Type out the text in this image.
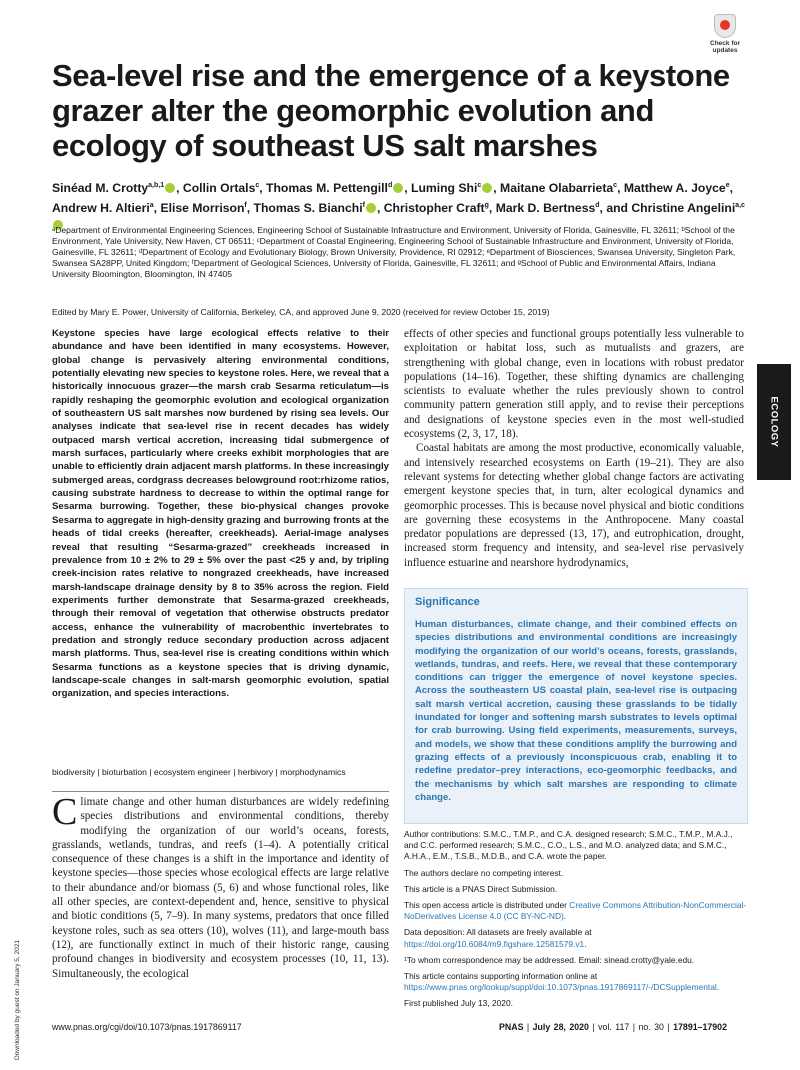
Check for updates
Sea-level rise and the emergence of a keystone grazer alter the geomorphic evolution and ecology of southeast US salt marshes
Sinéad M. Crotty$^{a,b,1}$ , Collin Ortals$^c$, Thomas M. Pettengill$^d$ , Luming Shi$^c$ , Maitane Olabarrieta$^c$, Matthew A. Joyce$^e$, Andrew H. Altieri$^a$, Elise Morrison$^f$, Thomas S. Bianchi$^f$ , Christopher Craft$^g$, Mark D. Bertness$^d$, and Christine Angelini$^{a,c}$

ᵃDepartment of Environmental Engineering Sciences, Engineering School of Sustainable Infrastructure and Environment, University of Florida, Gainesville, FL 32611; ᵇSchool of the Environment, Yale University, New Haven, CT 06511; ᶜDepartment of Coastal Engineering, Engineering School of Sustainable Infrastructure and Environment, University of Florida, Gainesville, FL 32611; ᵈDepartment of Ecology and Evolutionary Biology, Brown University, Providence, RI 02912; ᵉDepartment of Biosciences, Swansea University, Singleton Park, Swansea SA28PP, United Kingdom; ᶠDepartment of Geological Sciences, University of Florida, Gainesville, FL 32611; and ᵍSchool of Public and Environmental Affairs, Indiana University Bloomington, Bloomington, IN 47405

Edited by Mary E. Power, University of California, Berkeley, CA, and approved June 9, 2020 (received for review October 15, 2019)

Keystone species have large ecological effects relative to their abundance and have been identified in many ecosystems. However, global change is pervasively altering environmental conditions, potentially elevating new species to keystone roles. Here, we reveal that a historically innocuous grazer—the marsh crab Sesarma reticulatum—is rapidly reshaping the geomorphic evolution and ecological organization of southeastern US salt marshes now burdened by rising sea levels. Our analyses indicate that sea-level rise in recent decades has widely outpaced marsh vertical accretion, increasing tidal submergence of marsh surfaces, particularly where creeks exhibit morphologies that are unable to efficiently drain adjacent marsh platforms. In these increasingly submerged areas, cordgrass decreases belowground root:rhizome ratios, causing substrate hardness to decrease to within the optimal range for Sesarma burrowing. Together, these bio-physical changes provoke Sesarma to aggregate in high-density grazing and burrowing fronts at the heads of tidal creeks (hereafter, creekheads). Aerial-image analyses reveal that resulting “Sesarma-grazed” creekheads increased in prevalence from 10 ± 2% to 29 ± 5% over the past <25 y and, by tripling creek-incision rates relative to nongrazed creekheads, have increased marsh-landscape drainage density by 8 to 35% across the region. Field experiments further demonstrate that Sesarma-grazed creekheads, through their removal of vegetation that otherwise obstructs predator access, enhance the vulnerability of macrobenthic invertebrates to predation and strongly reduce secondary production across adjacent marsh platforms. Thus, sea-level rise is creating conditions within which Sesarma functions as a keystone species that is driving dynamic, landscape-scale changes in salt-marsh geomorphic evolution, spatial organization, and species interactions.

biodiversity | bioturbation | ecosystem engineer | herbivory | morphodynamics

Climate change and other human disturbances are widely redefining species distributions and environmental conditions, thereby modifying the organization of our world’s oceans, forests, grasslands, wetlands, tundras, and reefs (1–4). A potentially critical consequence of these changes is a shift in the importance and identity of keystone species—those species whose ecological effects are large relative to their abundance and/or biomass (5, 6) and whose functional roles, like all other species, are context-dependent and, hence, sensitive to physical and biotic conditions (5, 7–9). In many systems, predators that once filled keystone roles, such as sea otters (10), wolves (11), and large-mouth bass (12), are functionally extinct in much of their historic range, causing profound changes in biodiversity and ecosystem processes (10, 11, 13). Simultaneously, the ecological

effects of other species and functional groups potentially less vulnerable to exploitation or habitat loss, such as mutualists and grazers, are strengthening with global change, even in locations with robust predator populations (14–16). Together, these shifting dynamics are challenging scientists to evaluate whether the rules previously shown to control community pattern generation still apply, and to revise their perceptions and designations of keystone species even in the most well-studied ecosystems (2, 3, 17, 18).

Coastal habitats are among the most productive, economically valuable, and intensively researched ecosystems on Earth (19–21). They are also relevant systems for detecting whether global change factors are activating emergent keystone species that, in turn, alter ecological dynamics and geomorphic processes. This is because novel physical and biotic conditions are governing these ecosystems in the Anthropocene. Many coastal predator populations are depressed (13, 17), and eutrophication, drought, increased storm frequency and intensity, and sea-level rise pervasively influence estuarine and nearshore hydrodynamics,

Significance

Human disturbances, climate change, and their combined effects on species distributions and environmental conditions are increasingly modifying the organization of our world’s oceans, forests, grasslands, wetlands, tundras, and reefs. Here, we reveal that these contemporary conditions can trigger the emergence of novel keystone species. Across the southeastern US coastal plain, sea-level rise is outpacing salt marsh vertical accretion, causing these grasslands to be tidally inundated for longer and softening marsh substrates to levels optimal for crab burrowing. Using field experiments, measurements, surveys, and models, we show that these conditions amplify the burrowing and grazing effects of a previously inconspicuous crab, enabling it to redefine predator–prey interactions, eco-geomorphic feedbacks, and the mechanisms by which salt marshes are responding to climate change.

Author contributions: S.M.C., T.M.P., and C.A. designed research; S.M.C., T.M.P., M.A.J., and C.C. performed research; S.M.C., C.O., L.S., and M.O. analyzed data; and S.M.C., A.H.A., E.M., T.S.B., M.D.B., and C.A. wrote the paper.

The authors declare no competing interest.

This article is a PNAS Direct Submission.

This open access article is distributed under Creative Commons Attribution-NonCommercial-NoDerivatives License 4.0 (CC BY-NC-ND).

Data deposition: All datasets are freely available at https://doi.org/10.6084/m9.figshare.12581579.v1.

¹To whom correspondence may be addressed. Email: sinead.crotty@yale.edu.

This article contains supporting information online at https://www.pnas.org/lookup/suppl/doi:10.1073/pnas.1917869117/-/DCSupplemental.

First published July 13, 2020.

ECOLOGY
Downloaded by guest on January 5, 2021	www.pnas.org/cgi/doi/10.1073/pnas.1917869117	PNAS | July 28, 2020 | vol. 117 | no. 30 | 17891–17902
